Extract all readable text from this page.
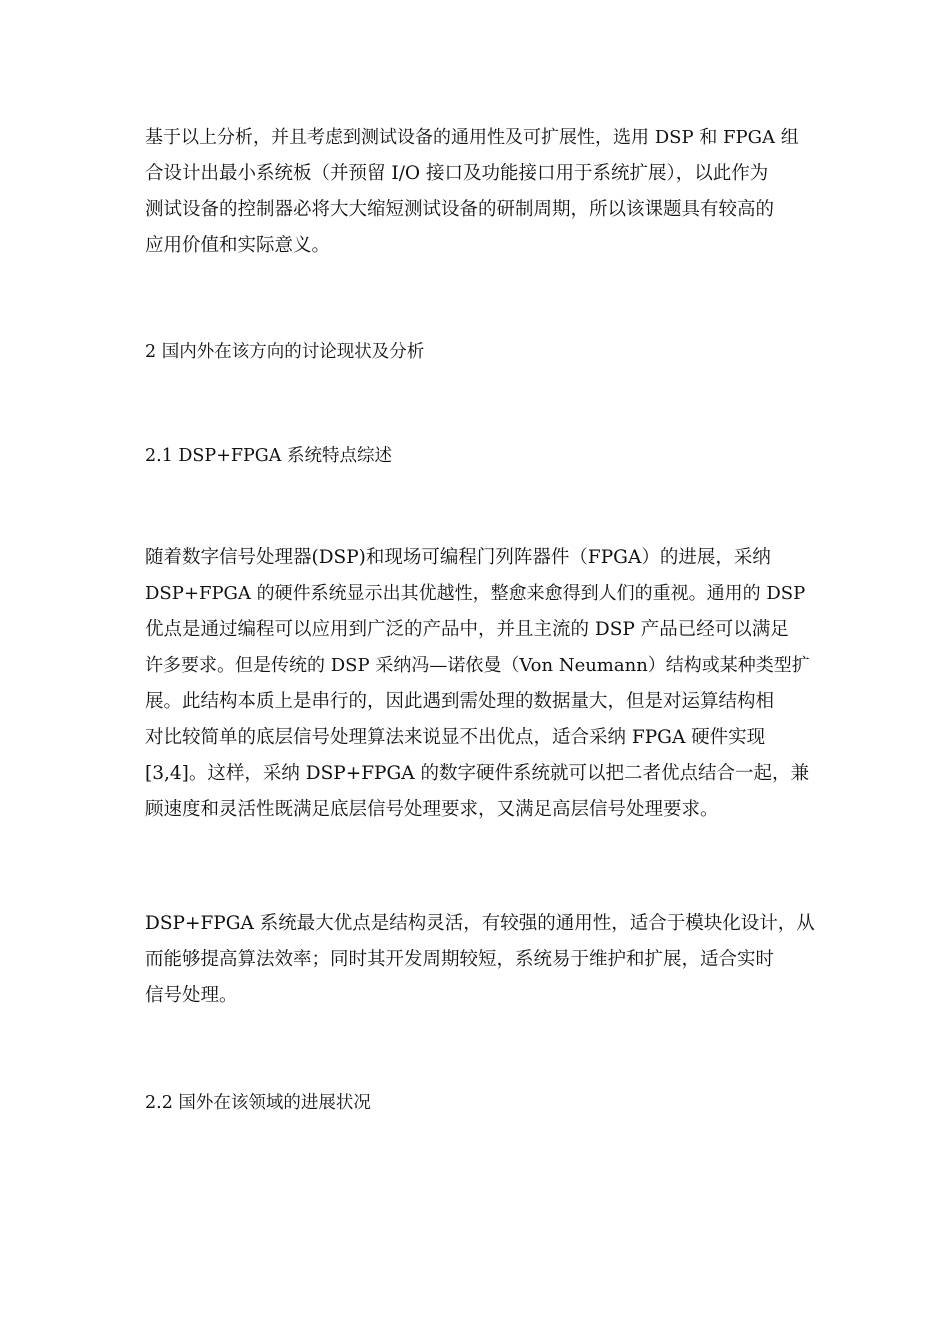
基于以上分析，并且考虑到测试设备的通用性及可扩展性，选用 DSP 和 FPGA 组
合设计出最小系统板（并预留 I/O 接口及功能接口用于系统扩展），以此作为
测试设备的控制器必将大大缩短测试设备的研制周期，所以该课题具有较高的
应用价值和实际意义。
2 国内外在该方向的讨论现状及分析
2.1 DSP+FPGA 系统特点综述
随着数字信号处理器(DSP)和现场可编程门列阵器件（FPGA）的进展，采纳
DSP+FPGA 的硬件系统显示出其优越性，整愈来愈得到人们的重视。通用的 DSP
优点是通过编程可以应用到广泛的产品中，并且主流的 DSP 产品已经可以满足
许多要求。但是传统的 DSP 采纳冯—诺依曼（Von Neumann）结构或某种类型扩
展。此结构本质上是串行的，因此遇到需处理的数据量大，但是对运算结构相
对比较简单的底层信号处理算法来说显不出优点，适合采纳 FPGA 硬件实现
[3,4]。这样，采纳 DSP+FPGA 的数字硬件系统就可以把二者优点结合一起，兼
顾速度和灵活性既满足底层信号处理要求，又满足高层信号处理要求。
DSP+FPGA 系统最大优点是结构灵活，有较强的通用性，适合于模块化设计，从
而能够提高算法效率；同时其开发周期较短，系统易于维护和扩展，适合实时
信号处理。
2.2 国外在该领域的进展状况
